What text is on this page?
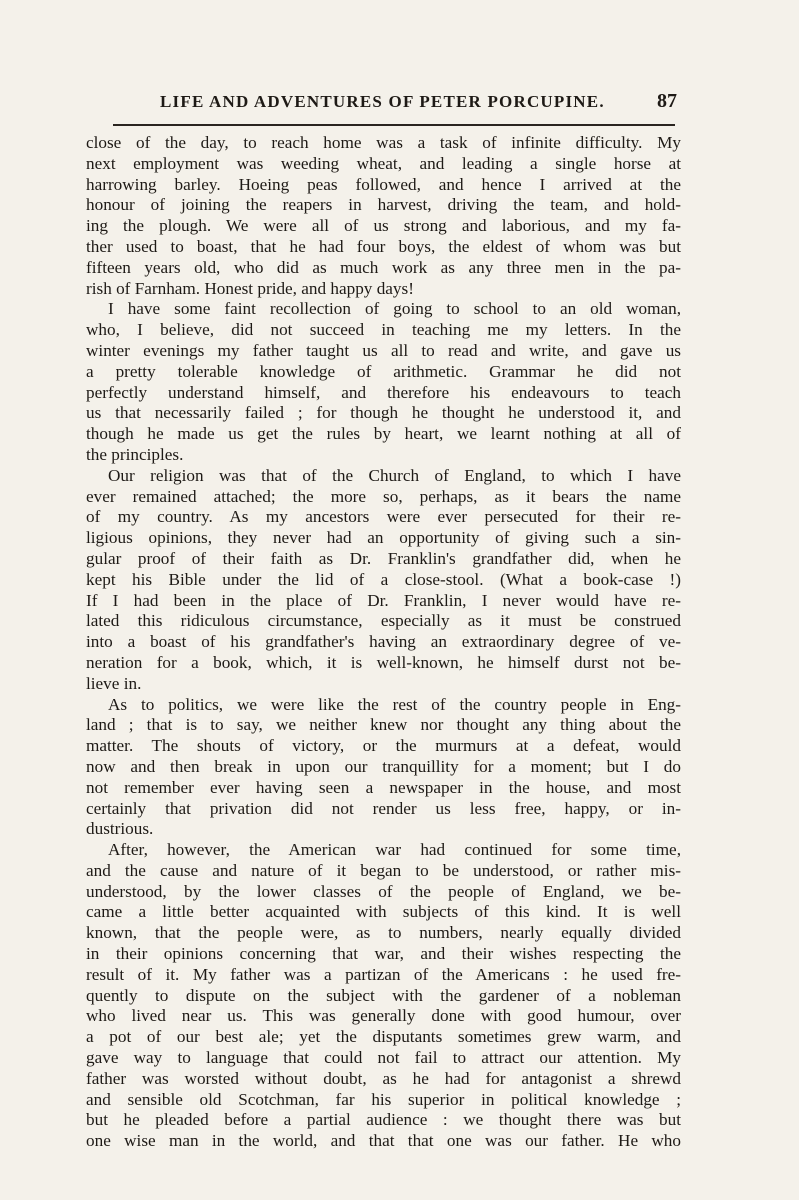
LIFE AND ADVENTURES OF PETER PORCUPINE.	87
close of the day, to reach home was a task of infinite difficulty. My
next employment was weeding wheat, and leading a single horse at
harrowing barley. Hoeing peas followed, and hence I arrived at the
honour of joining the reapers in harvest, driving the team, and hold-
ing the plough. We were all of us strong and laborious, and my fa-
ther used to boast, that he had four boys, the eldest of whom was but
fifteen years old, who did as much work as any three men in the pa-
rish of Farnham. Honest pride, and happy days!
I have some faint recollection of going to school to an old woman,
who, I believe, did not succeed in teaching me my letters. In the
winter evenings my father taught us all to read and write, and gave us
a pretty tolerable knowledge of arithmetic. Grammar he did not
perfectly understand himself, and therefore his endeavours to teach
us that necessarily failed ; for though he thought he understood it, and
though he made us get the rules by heart, we learnt nothing at all of
the principles.
Our religion was that of the Church of England, to which I have
ever remained attached; the more so, perhaps, as it bears the name
of my country. As my ancestors were ever persecuted for their re-
ligious opinions, they never had an opportunity of giving such a sin-
gular proof of their faith as Dr. Franklin's grandfather did, when he
kept his Bible under the lid of a close-stool. (What a book-case !)
If I had been in the place of Dr. Franklin, I never would have re-
lated this ridiculous circumstance, especially as it must be construed
into a boast of his grandfather's having an extraordinary degree of ve-
neration for a book, which, it is well-known, he himself durst not be-
lieve in.
As to politics, we were like the rest of the country people in Eng-
land ; that is to say, we neither knew nor thought any thing about the
matter. The shouts of victory, or the murmurs at a defeat, would
now and then break in upon our tranquillity for a moment; but I do
not remember ever having seen a newspaper in the house, and most
certainly that privation did not render us less free, happy, or in-
dustrious.
After, however, the American war had continued for some time,
and the cause and nature of it began to be understood, or rather mis-
understood, by the lower classes of the people of England, we be-
came a little better acquainted with subjects of this kind. It is well
known, that the people were, as to numbers, nearly equally divided
in their opinions concerning that war, and their wishes respecting the
result of it. My father was a partizan of the Americans : he used fre-
quently to dispute on the subject with the gardener of a nobleman
who lived near us. This was generally done with good humour, over
a pot of our best ale; yet the disputants sometimes grew warm, and
gave way to language that could not fail to attract our attention. My
father was worsted without doubt, as he had for antagonist a shrewd
and sensible old Scotchman, far his superior in political knowledge ;
but he pleaded before a partial audience : we thought there was but
one wise man in the world, and that that one was our father. He who
